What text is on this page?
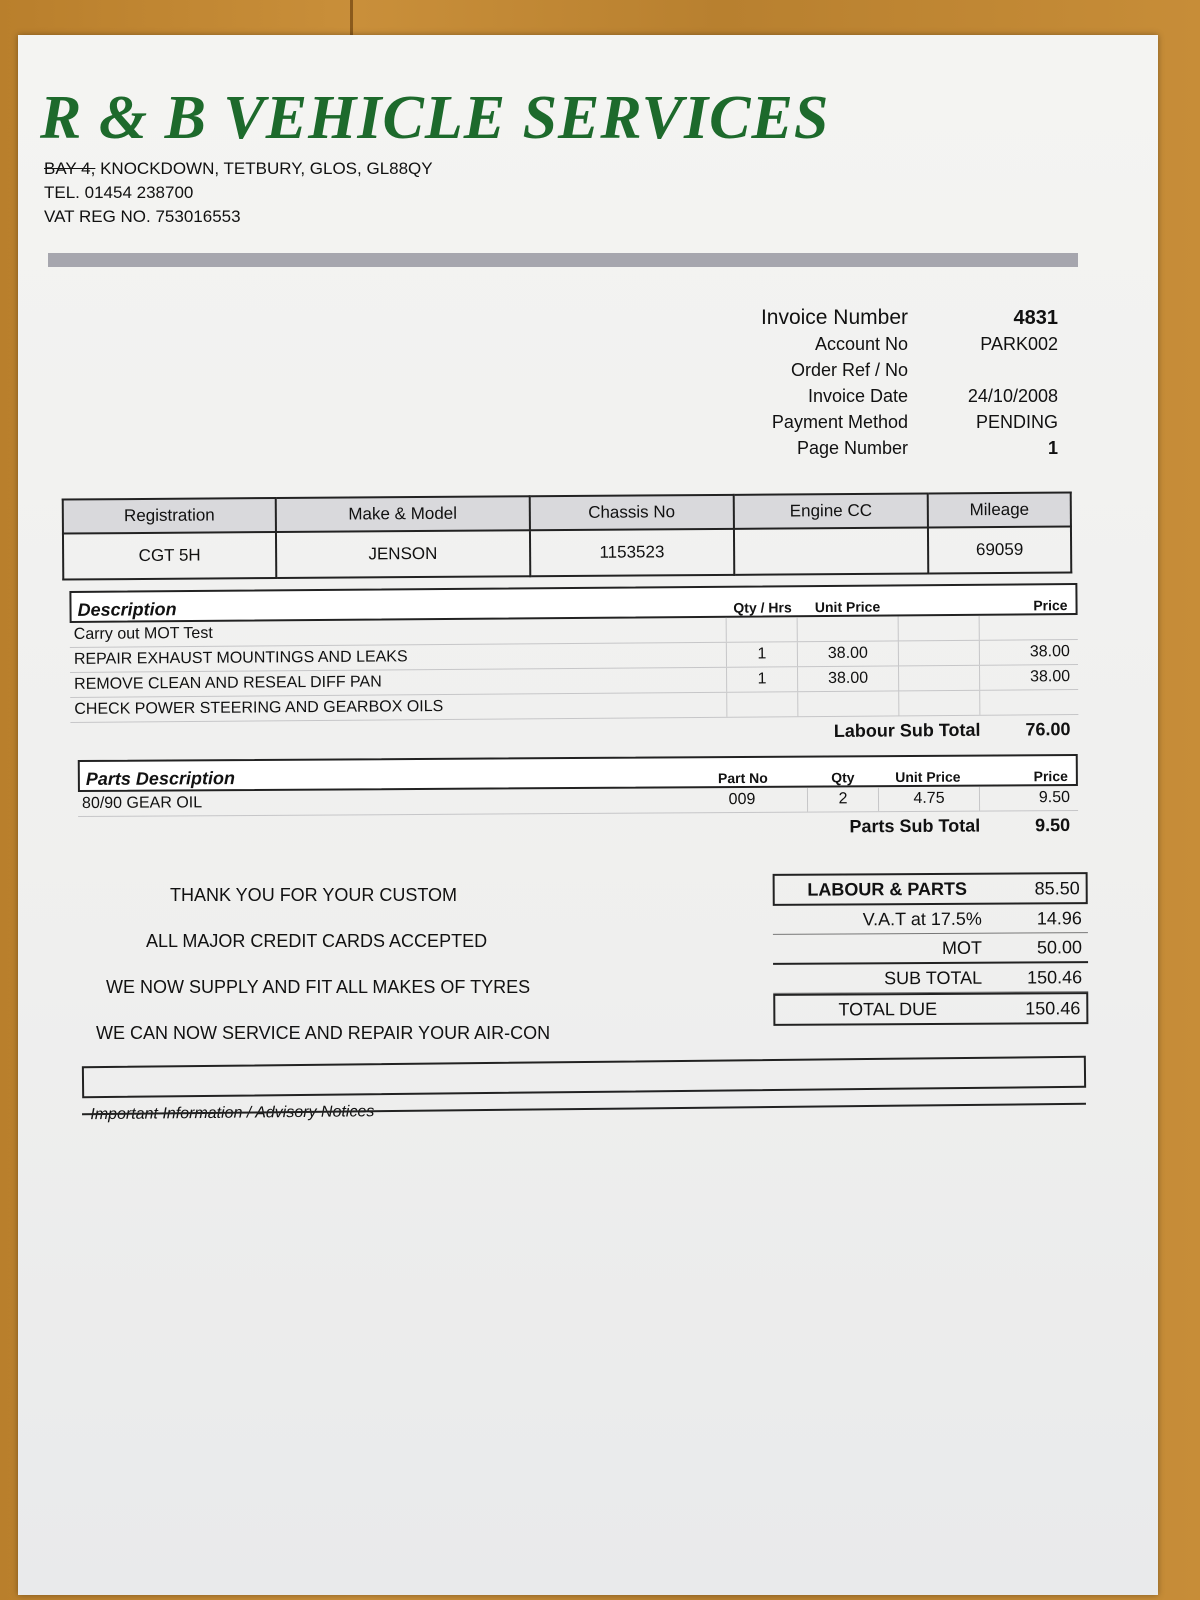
R & B VEHICLE SERVICES
BAY 4, KNOCKDOWN, TETBURY, GLOS, GL88QY
TEL. 01454 238700
VAT REG NO. 753016553
Invoice Number	4831
Account No	PARK002
Order Ref / No
Invoice Date	24/10/2008
Payment Method	PENDING
Page Number	1
Registration	Make & Model	Chassis No	Engine CC	Mileage
CGT 5H	JENSON	1153523		69059
Description	Qty / Hrs	Unit Price	Price
Carry out MOT Test
REPAIR EXHAUST MOUNTINGS AND LEAKS	1	38.00	38.00
REMOVE CLEAN AND RESEAL DIFF PAN	1	38.00	38.00
CHECK POWER STEERING AND GEARBOX OILS
Labour Sub Total	76.00
Parts Description	Part No	Qty	Unit Price	Price
80/90 GEAR OIL	009	2	4.75	9.50
Parts Sub Total	9.50
THANK YOU FOR YOUR CUSTOM
ALL MAJOR CREDIT CARDS ACCEPTED
WE NOW SUPPLY AND FIT ALL MAKES OF TYRES
WE CAN NOW SERVICE AND REPAIR YOUR AIR-CON
LABOUR & PARTS	85.50
V.A.T at 17.5%	14.96
MOT	50.00
SUB TOTAL	150.46
TOTAL DUE	150.46
Important Information / Advisory Notices
